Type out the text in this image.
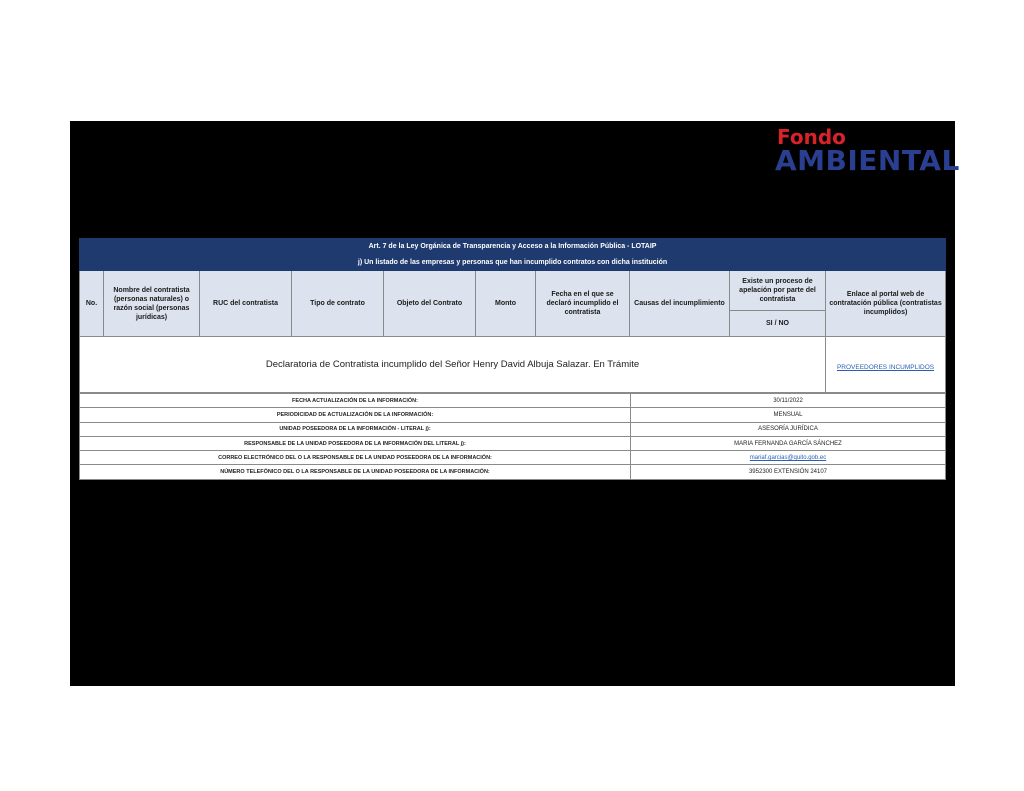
Fondo
AMBIENTAL
Art. 7 de la Ley Orgánica de Transparencia y Acceso a la Información Pública - LOTAIP									
j) Un listado de las empresas y personas que han incumplido contratos con dicha institución									
No.	Nombre del contratista (personas naturales) o razón social (personas jurídicas)	RUC del contratista	Tipo de contrato	Objeto del Contrato	Monto	Fecha en el que se declaró incumplido el contratista	Causas del incumplimiento	Existe un proceso de apelación por parte del contratista	Enlace al portal web de contratación pública (contratistas incumplidos)
								SI / NO	
Declaratoria de Contratista incumplido del Señor Henry David Albuja Salazar. En Trámite									PROVEEDORES INCUMPLIDOS
FECHA ACTUALIZACIÓN DE LA INFORMACIÓN:	30/11/2022
PERIODICIDAD DE ACTUALIZACIÓN DE LA INFORMACIÓN:	MENSUAL
UNIDAD POSEEDORA DE LA INFORMACIÓN - LITERAL j):	ASESORÍA JURÍDICA
RESPONSABLE DE LA UNIDAD POSEEDORA DE LA INFORMACIÓN DEL LITERAL j):	MARIA FERNANDA GARCÍA SÁNCHEZ
CORREO ELECTRÓNICO DEL O LA RESPONSABLE DE LA UNIDAD POSEEDORA DE LA INFORMACIÓN:	mariaf.garcias@quito.gob.ec
NÚMERO TELEFÓNICO DEL O LA RESPONSABLE DE LA UNIDAD POSEEDORA DE LA INFORMACIÓN:	3952300 EXTENSIÓN 24107
